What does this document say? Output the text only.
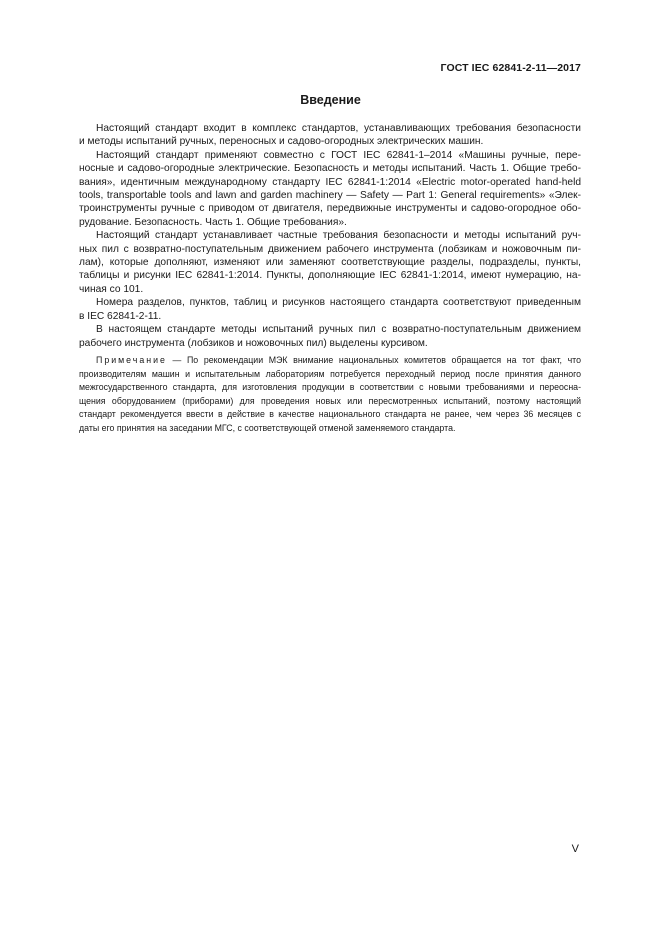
ГОСТ IEC 62841-2-11—2017
Введение
Настоящий стандарт входит в комплекс стандартов, устанавливающих требования безопасности
и методы испытаний ручных, переносных и садово-огородных электрических машин.
Настоящий стандарт применяют совместно с ГОСТ IEC 62841-1–2014 «Машины ручные, пере-
носные и садово-огородные электрические. Безопасность и методы испытаний. Часть 1. Общие требо-
вания», идентичным международному стандарту IEC 62841-1:2014 «Electric motor-operated hand-held
tools, transportable tools and lawn and garden machinery — Safety — Part 1: General requirements» «Элек-
троинструменты ручные с приводом от двигателя, передвижные инструменты и садово-огородное обо-
рудование. Безопасность. Часть 1. Общие требования».
Настоящий стандарт устанавливает частные требования безопасности и методы испытаний руч-
ных пил с возвратно-поступательным движением рабочего инструмента (лобзикам и ножовочным пи-
лам), которые дополняют, изменяют или заменяют соответствующие разделы, подразделы, пункты,
таблицы и рисунки IEC 62841-1:2014. Пункты, дополняющие IEC 62841-1:2014, имеют нумерацию, на-
чиная со 101.
Номера разделов, пунктов, таблиц и рисунков настоящего стандарта соответствуют приведенным
в IEC 62841-2-11.
В настоящем стандарте методы испытаний ручных пил с возвратно-поступательным движением
рабочего инструмента (лобзиков и ножовочных пил) выделены курсивом.
Примечание — По рекомендации МЭК внимание национальных комитетов обращается на тот факт, что
производителям машин и испытательным лабораториям потребуется переходный период после принятия данного
межгосударственного стандарта, для изготовления продукции в соответствии с новыми требованиями и переосна-
щения оборудованием (приборами) для проведения новых или пересмотренных испытаний, поэтому настоящий
стандарт рекомендуется ввести в действие в качестве национального стандарта не ранее, чем через 36 месяцев с
даты его принятия на заседании МГС, с соответствующей отменой заменяемого стандарта.
V
